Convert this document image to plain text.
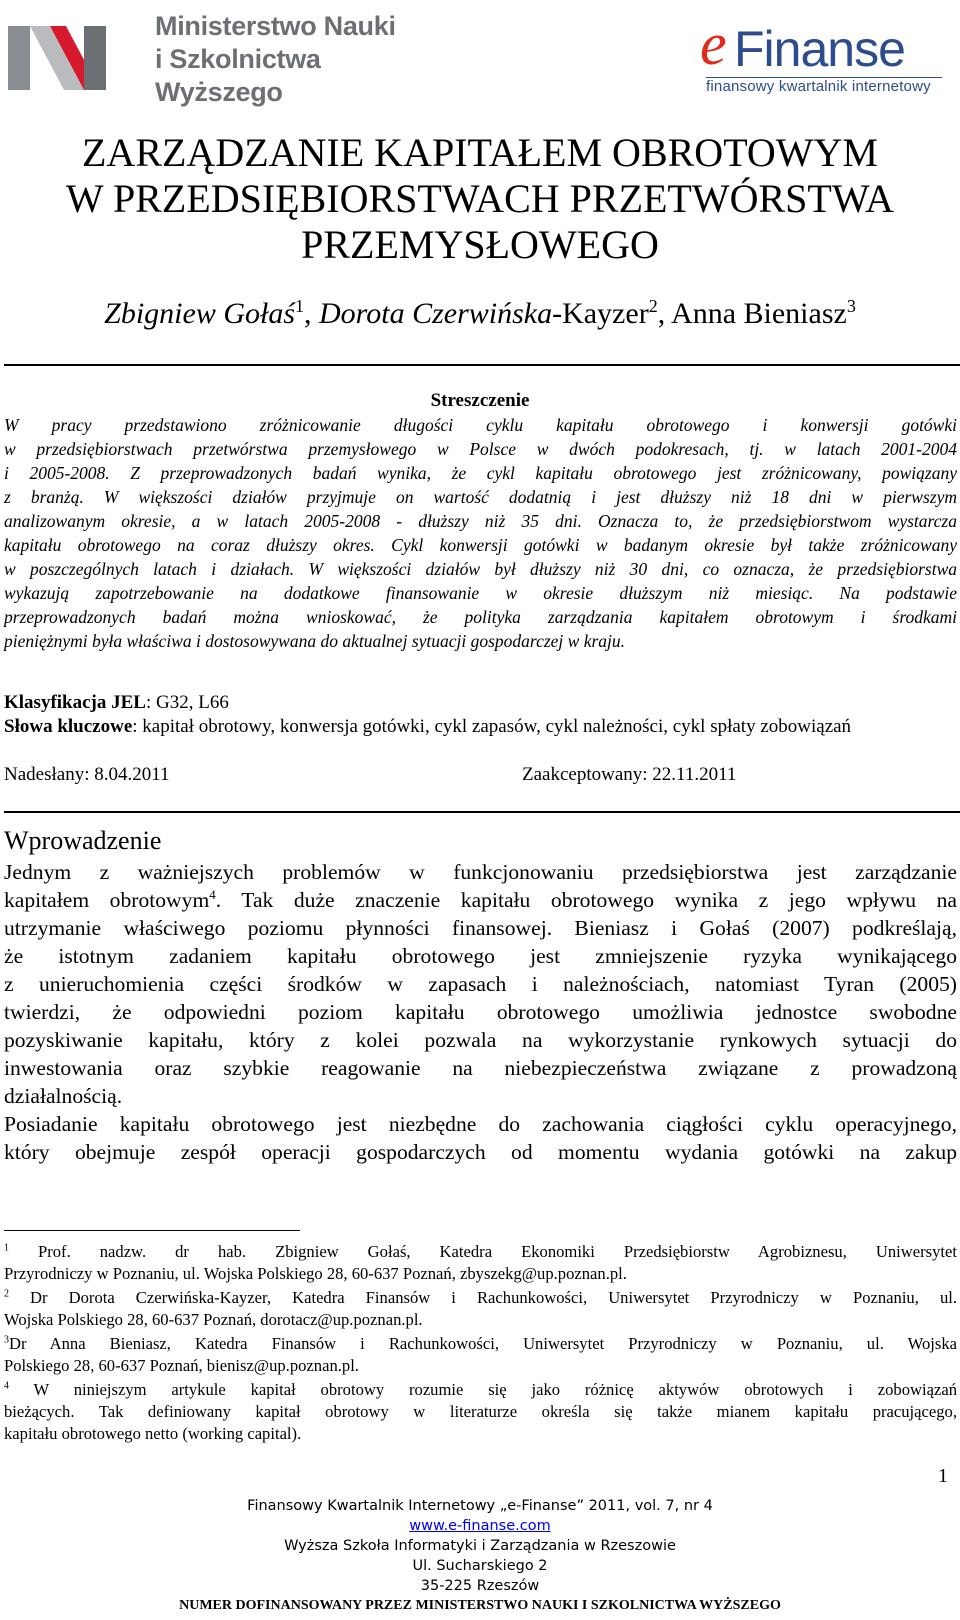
Ministerstwo Nauki
i Szkolnictwa Wyższego
e Finanse
finansowy kwartalnik internetowy
ZARZĄDZANIE KAPITAŁEM OBROTOWYM
W PRZEDSIĘBIORSTWACH PRZETWÓRSTWA
PRZEMYSŁOWEGO
Zbigniew Gołaś$^1$, Dorota Czerwińska-Kayzer$^2$, Anna Bieniasz$^3$
Streszczenie
W pracy przedstawiono zróżnicowanie długości cyklu kapitału obrotowego i konwersji gotówki
w przedsiębiorstwach przetwórstwa przemysłowego w Polsce w dwóch podokresach, tj. w latach 2001-2004
i 2005-2008. Z przeprowadzonych badań wynika, że cykl kapitału obrotowego jest zróżnicowany, powiązany
z branżą. W większości działów przyjmuje on wartość dodatnią i jest dłuższy niż 18 dni w pierwszym
analizowanym okresie, a w latach 2005-2008 - dłuższy niż 35 dni. Oznacza to, że przedsiębiorstwom wystarcza
kapitału obrotowego na coraz dłuższy okres. Cykl konwersji gotówki w badanym okresie był także zróżnicowany
w poszczególnych latach i działach. W większości działów był dłuższy niż 30 dni, co oznacza, że przedsiębiorstwa
wykazują zapotrzebowanie na dodatkowe finansowanie w okresie dłuższym niż miesiąc. Na podstawie
przeprowadzonych badań można wnioskować, że polityka zarządzania kapitałem obrotowym i środkami
pieniężnymi była właściwa i dostosowywana do aktualnej sytuacji gospodarczej w kraju.
Klasyfikacja JEL: G32, L66
Słowa kluczowe: kapitał obrotowy, konwersja gotówki, cykl zapasów, cykl należności, cykl spłaty zobowiązań
Nadesłany: 8.04.2011	Zaakceptowany: 22.11.2011
Wprowadzenie
Jednym z ważniejszych problemów w funkcjonowaniu przedsiębiorstwa jest zarządzanie
kapitałem obrotowym$^4$. Tak duże znaczenie kapitału obrotowego wynika z jego wpływu na
utrzymanie właściwego poziomu płynności finansowej. Bieniasz i Gołaś (2007) podkreślają,
że istotnym zadaniem kapitału obrotowego jest zmniejszenie ryzyka wynikającego
z unieruchomienia części środków w zapasach i należnościach, natomiast Tyran (2005)
twierdzi, że odpowiedni poziom kapitału obrotowego umożliwia jednostce swobodne
pozyskiwanie kapitału, który z kolei pozwala na wykorzystanie rynkowych sytuacji do
inwestowania oraz szybkie reagowanie na niebezpieczeństwa związane z prowadzoną
działalnością.
Posiadanie kapitału obrotowego jest niezbędne do zachowania ciągłości cyklu operacyjnego,
który obejmuje zespół operacji gospodarczych od momentu wydania gotówki na zakup
$^1$ Prof. nadzw. dr hab. Zbigniew Gołaś, Katedra Ekonomiki Przedsiębiorstw Agrobiznesu, Uniwersytet
Przyrodniczy w Poznaniu, ul. Wojska Polskiego 28, 60-637 Poznań, zbyszekg@up.poznan.pl.
$^2$ Dr Dorota Czerwińska-Kayzer, Katedra Finansów i Rachunkowości, Uniwersytet Przyrodniczy w Poznaniu, ul.
Wojska Polskiego 28, 60-637 Poznań, dorotacz@up.poznan.pl.
$^3$Dr Anna Bieniasz, Katedra Finansów i Rachunkowości, Uniwersytet Przyrodniczy w Poznaniu, ul. Wojska
Polskiego 28, 60-637 Poznań, bienisz@up.poznan.pl.
$^4$ W niniejszym artykule kapitał obrotowy rozumie się jako różnicę aktywów obrotowych i zobowiązań
bieżących. Tak definiowany kapitał obrotowy w literaturze określa się także mianem kapitału pracującego,
kapitału obrotowego netto (working capital).
1
Finansowy Kwartalnik Internetowy „e-Finanse” 2011, vol. 7, nr 4
www.e-finanse.com
Wyższa Szkoła Informatyki i Zarządzania w Rzeszowie
Ul. Sucharskiego 2
35-225 Rzeszów
NUMER DOFINANSOWANY PRZEZ MINISTERSTWO NAUKI I SZKOLNICTWA WYŻSZEGO
